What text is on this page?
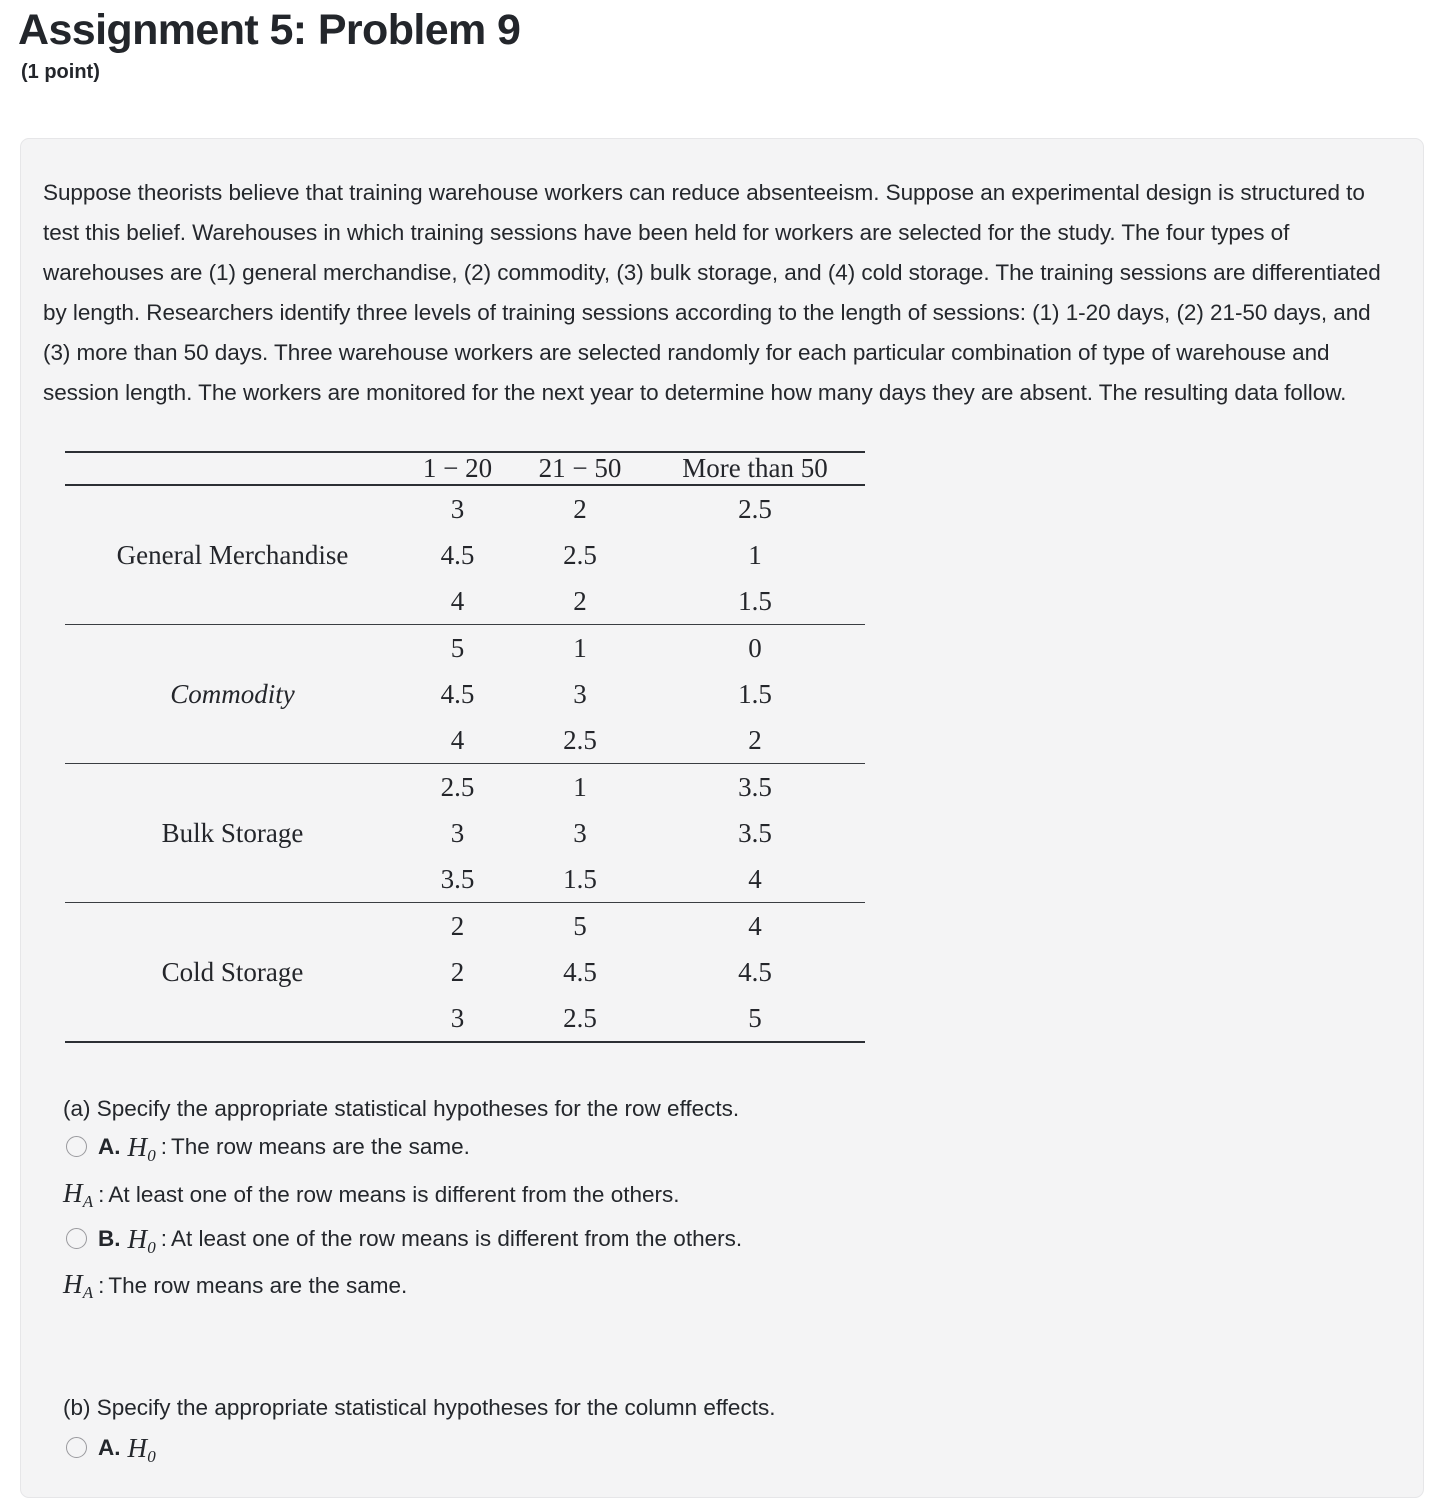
Assignment 5: Problem 9
(1 point)

Suppose theorists believe that training warehouse workers can reduce absenteeism. Suppose an experimental design is structured to test this belief. Warehouses in which training sessions have been held for workers are selected for the study. The four types of warehouses are (1) general merchandise, (2) commodity, (3) bulk storage, and (4) cold storage. The training sessions are differentiated by length. Researchers identify three levels of training sessions according to the length of sessions: (1) 1-20 days, (2) 21-50 days, and (3) more than 50 days. Three warehouse workers are selected randomly for each particular combination of type of warehouse and session length. The workers are monitored for the next year to determine how many days they are absent. The resulting data follow.

	1 − 20	21 − 50	More than 50
General Merchandise	3	2	2.5
	4.5	2.5	1
	4	2	1.5
Commodity	5	1	0
	4.5	3	1.5
	4	2.5	2
Bulk Storage	2.5	1	3.5
	3	3	3.5
	3.5	1.5	4
Cold Storage	2	5	4
	2	4.5	4.5
	3	2.5	5

(a) Specify the appropriate statistical hypotheses for the row effects.
A. $H_0$ : The row means are the same.
$H_A$ : At least one of the row means is different from the others.
B. $H_0$ : At least one of the row means is different from the others.
$H_A$ : The row means are the same.
(b) Specify the appropriate statistical hypotheses for the column effects.
A. $H_0$
